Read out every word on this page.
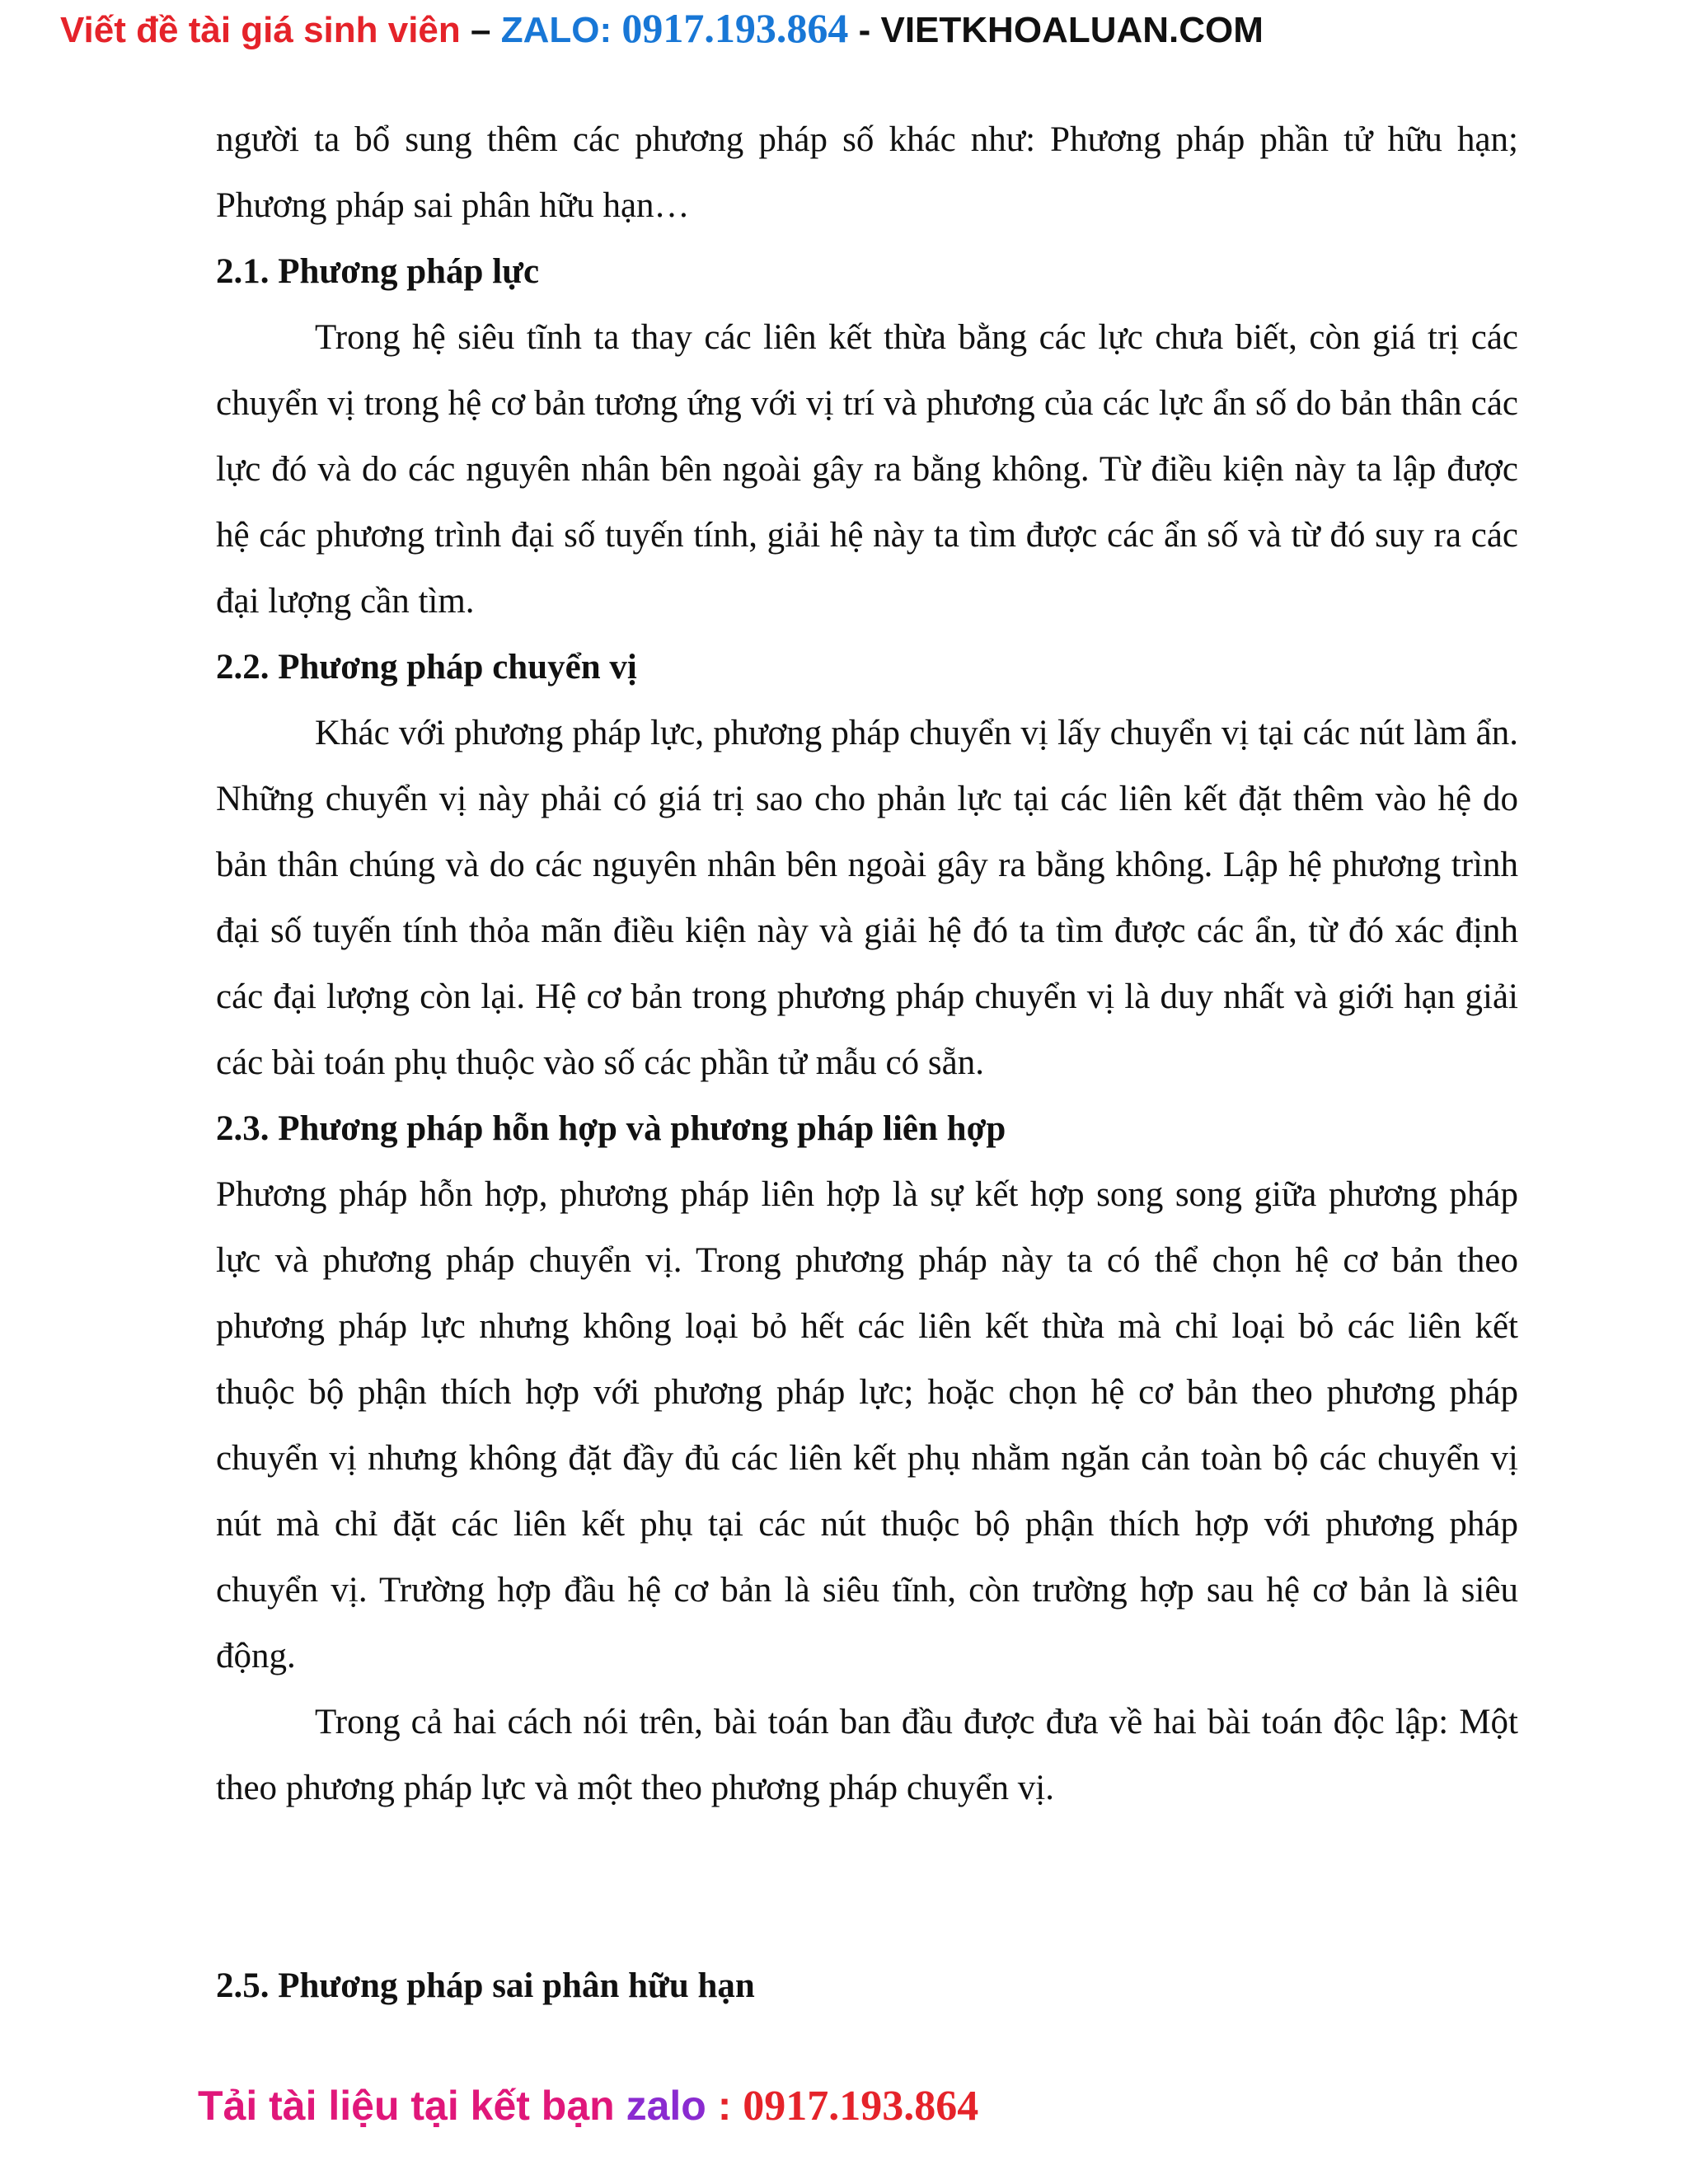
Viết đề tài giá sinh viên – ZALO: 0917.193.864 - VIETKHOALUAN.COM

người ta bổ sung thêm các phương pháp số khác như: Phương pháp phần tử hữu hạn; Phương pháp sai phân hữu hạn…

2.1. Phương pháp lực

Trong hệ siêu tĩnh ta thay các liên kết thừa bằng các lực chưa biết, còn giá trị các chuyển vị trong hệ cơ bản tương ứng với vị trí và phương của các lực ẩn số do bản thân các lực đó và do các nguyên nhân bên ngoài gây ra bằng không. Từ điều kiện này ta lập được hệ các phương trình đại số tuyến tính, giải hệ này ta tìm được các ẩn số và từ đó suy ra các đại lượng cần tìm.

2.2. Phương pháp chuyển vị

Khác với phương pháp lực, phương pháp chuyển vị lấy chuyển vị tại các nút làm ẩn. Những chuyển vị này phải có giá trị sao cho phản lực tại các liên kết đặt thêm vào hệ do bản thân chúng và do các nguyên nhân bên ngoài gây ra bằng không. Lập hệ phương trình đại số tuyến tính thỏa mãn điều kiện này và giải hệ đó ta tìm được các ẩn, từ đó xác định các đại lượng còn lại. Hệ cơ bản trong phương pháp chuyển vị là duy nhất và giới hạn giải các bài toán phụ thuộc vào số các phần tử mẫu có sẵn.

2.3. Phương pháp hỗn hợp và phương pháp liên hợp

Phương pháp hỗn hợp, phương pháp liên hợp là sự kết hợp song song giữa phương pháp lực và phương pháp chuyển vị. Trong phương pháp này ta có thể chọn hệ cơ bản theo phương pháp lực nhưng không loại bỏ hết các liên kết thừa mà chỉ loại bỏ các liên kết thuộc bộ phận thích hợp với phương pháp lực; hoặc chọn hệ cơ bản theo phương pháp chuyển vị nhưng không đặt đầy đủ các liên kết phụ nhằm ngăn cản toàn bộ các chuyển vị nút mà chỉ đặt các liên kết phụ tại các nút thuộc bộ phận thích hợp với phương pháp chuyển vị. Trường hợp đầu hệ cơ bản là siêu tĩnh, còn trường hợp sau hệ cơ bản là siêu động.

Trong cả hai cách nói trên, bài toán ban đầu được đưa về hai bài toán độc lập: Một theo phương pháp lực và một theo phương pháp chuyển vị.

2.5. Phương pháp sai phân hữu hạn
Tải tài liệu tại kết bạn zalo : 0917.193.864
